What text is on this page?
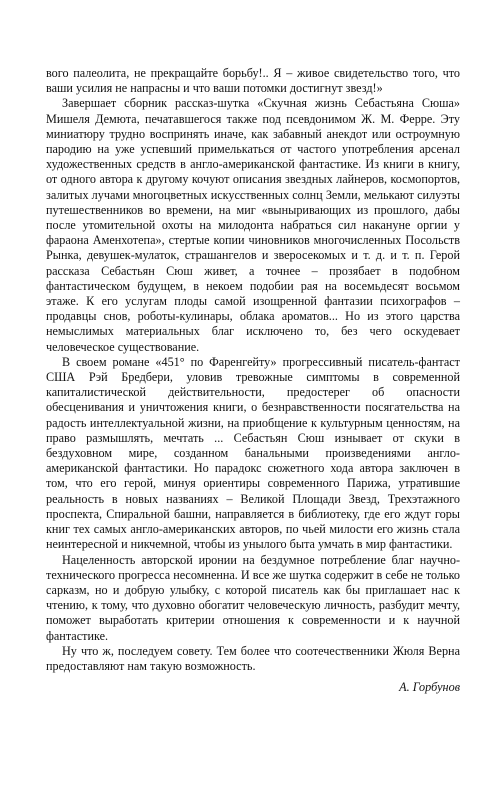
вого палеолита, не прекращайте борьбу!.. Я – живое свидетельство того, что ваши усилия не напрасны и что ваши потомки достигнут звезд!»

Завершает сборник рассказ-шутка «Скучная жизнь Себастьяна Сюша» Мишеля Демюта, печатавшегося также под псевдонимом Ж. М. Ферре. Эту миниатюру трудно воспринять иначе, как забавный анекдот или остроумную пародию на уже успевший примелькаться от частого употребления арсенал художественных средств в англо-американской фантастике. Из книги в книгу, от одного автора к другому кочуют описания звездных лайнеров, космопортов, залитых лучами многоцветных искусственных солнц Земли, мелькают силуэты путешественников во времени, на миг «выныривающих из прошлого, дабы после утомительной охоты на милодонта набраться сил накануне оргии у фараона Аменхотепа», стертые копии чиновников многочисленных Посольств Рынка, девушек-мулаток, страшангелов и зверосекомых и т. д. и т. п. Герой рассказа Себастьян Сюш живет, а точнее – прозябает в подобном фантастическом будущем, в некоем подобии рая на восемьдесят восьмом этаже. К его услугам плоды самой изощренной фантазии психографов – продавцы снов, роботы-кулинары, облака ароматов... Но из этого царства немыслимых материальных благ исключено то, без чего оскудевает человеческое существование.

В своем романе «451° по Фаренгейту» прогрессивный писатель-фантаст США Рэй Бредбери, уловив тревожные симптомы в современной капиталистической действительности, предостерег об опасности обесценивания и уничтожения книги, о безнравственности посягательства на радость интеллектуальной жизни, на приобщение к культурным ценностям, на право размышлять, мечтать ... Себастьян Сюш изнывает от скуки в бездуховном мире, созданном банальными произведениями англо-американской фантастики. Но парадокс сюжетного хода автора заключен в том, что его герой, минуя ориентиры современного Парижа, утратившие реальность в новых названиях – Великой Площади Звезд, Трехэтажного проспекта, Спиральной башни, направляется в библиотеку, где его ждут горы книг тех самых англо-американских авторов, по чьей милости его жизнь стала неинтересной и никчемной, чтобы из унылого быта умчать в мир фантастики.

Нацеленность авторской иронии на бездумное потребление благ научно-технического прогресса несомненна. И все же шутка содержит в себе не только сарказм, но и добрую улыбку, с которой писатель как бы приглашает нас к чтению, к тому, что духовно обогатит человеческую личность, разбудит мечту, поможет выработать критерии отношения к современности и к научной фантастике.

Ну что ж, последуем совету. Тем более что соотечественники Жюля Верна предоставляют нам такую возможность.

А. Горбунов
